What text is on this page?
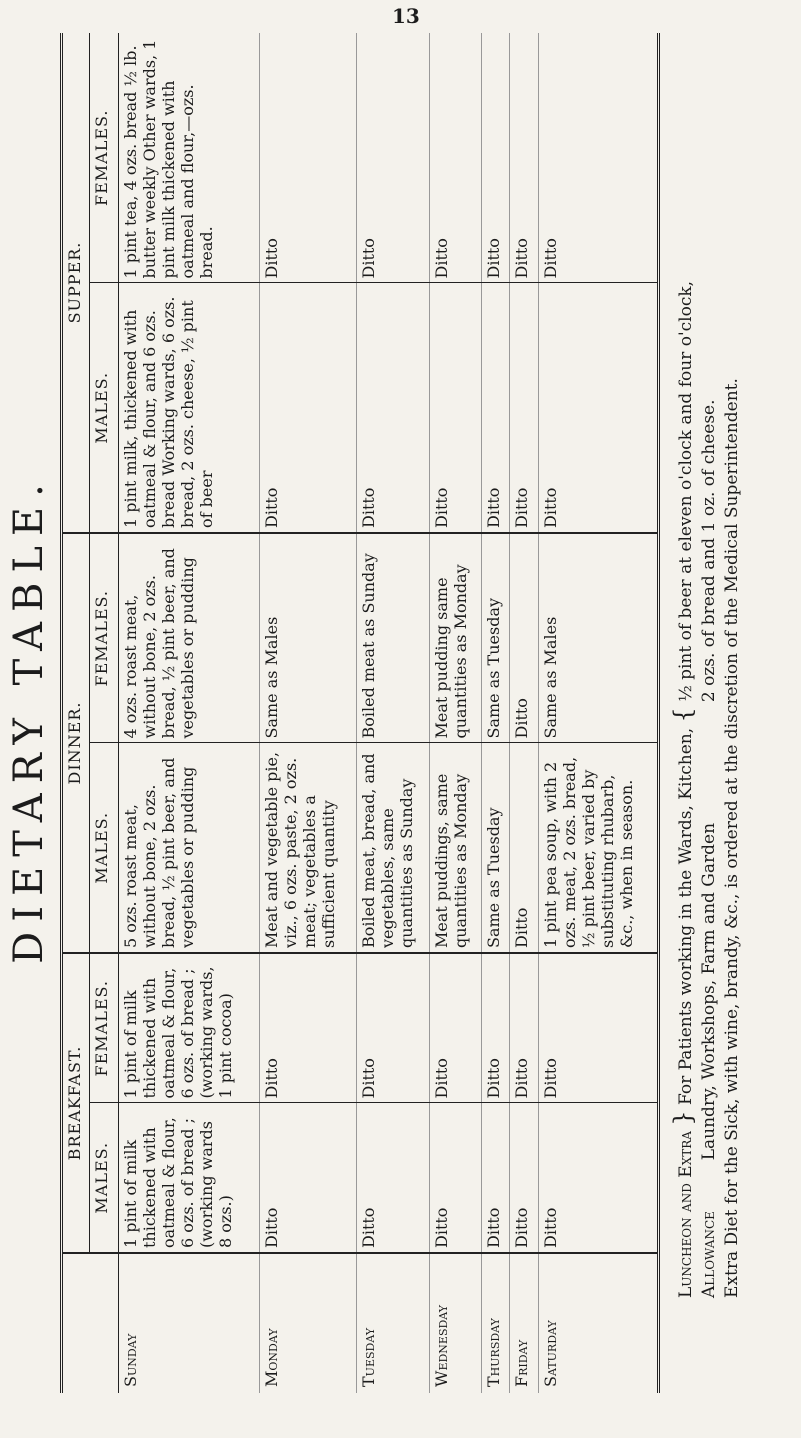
13
DIETARY TABLE.
	BREAKFAST.		DINNER.		SUPPER.	
	MALES.	FEMALES.	MALES.	FEMALES.	MALES.	FEMALES.
Sunday	1 pint of milk thickened with oatmeal & flour, 6 ozs. of bread ; (working wards 8 ozs.)	1 pint of milk thickened with oatmeal & flour, 6 ozs. of bread ; (working wards, 1 pint cocoa)	5 ozs. roast meat, without bone, 2 ozs. bread, ½ pint beer, and vegetables or pudding	4 ozs. roast meat, without bone, 2 ozs. bread, ½ pint beer, and vegetables or pudding	1 pint milk, thickened with oatmeal & flour, and 6 ozs. bread Working wards, 6 ozs. bread, 2 ozs. cheese, ½ pint of beer	1 pint tea, 4 ozs. bread ½ lb. butter weekly Other wards, 1 pint milk thickened with oatmeal and flour,—ozs. bread.
Monday	Ditto	Ditto	Meat and vegetable pie, viz., 6 ozs. paste, 2 ozs. meat; vegetables a sufficient quantity	Same as Males	Ditto	Ditto
Tuesday	Ditto	Ditto	Boiled meat, bread, and vegetables, same quantities as Sunday	Boiled meat as Sunday	Ditto	Ditto
Wednesday	Ditto	Ditto	Meat puddings, same quantities as Monday	Meat pudding same quantities as Monday	Ditto	Ditto
Thursday	Ditto	Ditto	Same as Tuesday	Same as Tuesday	Ditto	Ditto
Friday	Ditto	Ditto	Ditto	Ditto	Ditto	Ditto
Saturday	Ditto	Ditto	1 pint pea soup, with 2 ozs. meat, 2 ozs. bread, ½ pint beer, varied by substituting rhubarb, &c., when in season.	Same as Males	Ditto	Ditto
Luncheon and Extra } For Patients working in the Wards, Kitchen, { ½ pint of beer at eleven o'clock and four o'clock,
Allowance  Laundry, Workshops, Farm and Garden  2 ozs. of bread and 1 oz. of cheese. Extra Diet for the Sick, with wine, brandy, &c., is ordered at the discretion of the Medical Superintendent.
